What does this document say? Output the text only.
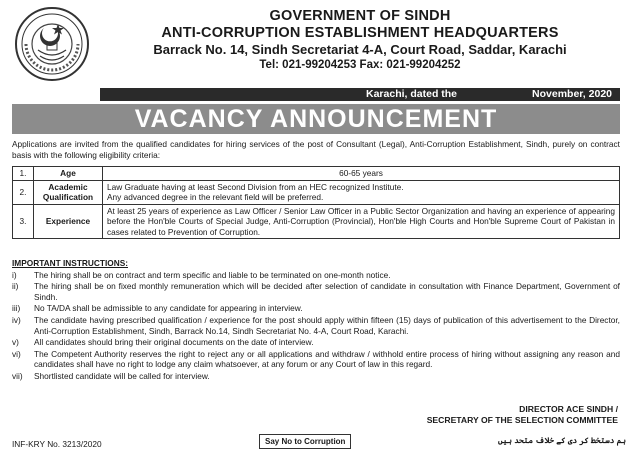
GOVERNMENT OF SINDH
ANTI-CORRUPTION ESTABLISHMENT HEADQUARTERS
Barrack No. 14, Sindh Secretariat 4-A, Court Road, Saddar, Karachi
Tel: 021-99204253 Fax: 021-99204252
Karachi, dated the	November, 2020
VACANCY ANNOUNCEMENT
Applications are invited from the qualified candidates for hiring services of the post of Consultant (Legal), Anti-Corruption Establishment, Sindh, purely on contract basis with the following eligibility criteria:
1.	Age	60-65 years
2.	Academic Qualification	Law Graduate having at least Second Division from an HEC recognized Institute.
Any advanced degree in the relevant field will be preferred.

3.	Experience	At least 25 years of experience as Law Officer / Senior Law Officer in a Public Sector Organization and having an experience of appearing before the Hon'ble Courts of Special Judge, Anti-Corruption (Provincial), Hon'ble High Courts and Hon'ble Supreme Court of Pakistan in cases related to Prevention of Corruption.
IMPORTANT INSTRUCTIONS:
i)	The hiring shall be on contract and term specific and liable to be terminated on one-month notice.
ii)	The hiring shall be on fixed monthly remuneration which will be decided after selection of candidate in consultation with Finance Department, Government of Sindh.
iii)	No TA/DA shall be admissible to any candidate for appearing in interview.
iv)	The candidate having prescribed qualification / experience for the post should apply within fifteen (15) days of publication of this advertisement to the Director, Anti-Corruption Establishment, Sindh, Barrack No.14, Sindh Secretariat No. 4-A, Court Road, Karachi.
v)	All candidates should bring their original documents on the date of interview.
vi)	The Competent Authority reserves the right to reject any or all applications and withdraw / withhold entire process of hiring without assigning any reason and candidates shall have no right to lodge any claim whatsoever, at any forum or any Court of law in this regard.
vii)	Shortlisted candidate will be called for interview.
DIRECTOR ACE SINDH /
SECRETARY OF THE SELECTION COMMITTEE
INF-KRY No. 3213/2020	Say No to Corruption	ہم دستخط کر دی کے خلاف متحد ہیں
